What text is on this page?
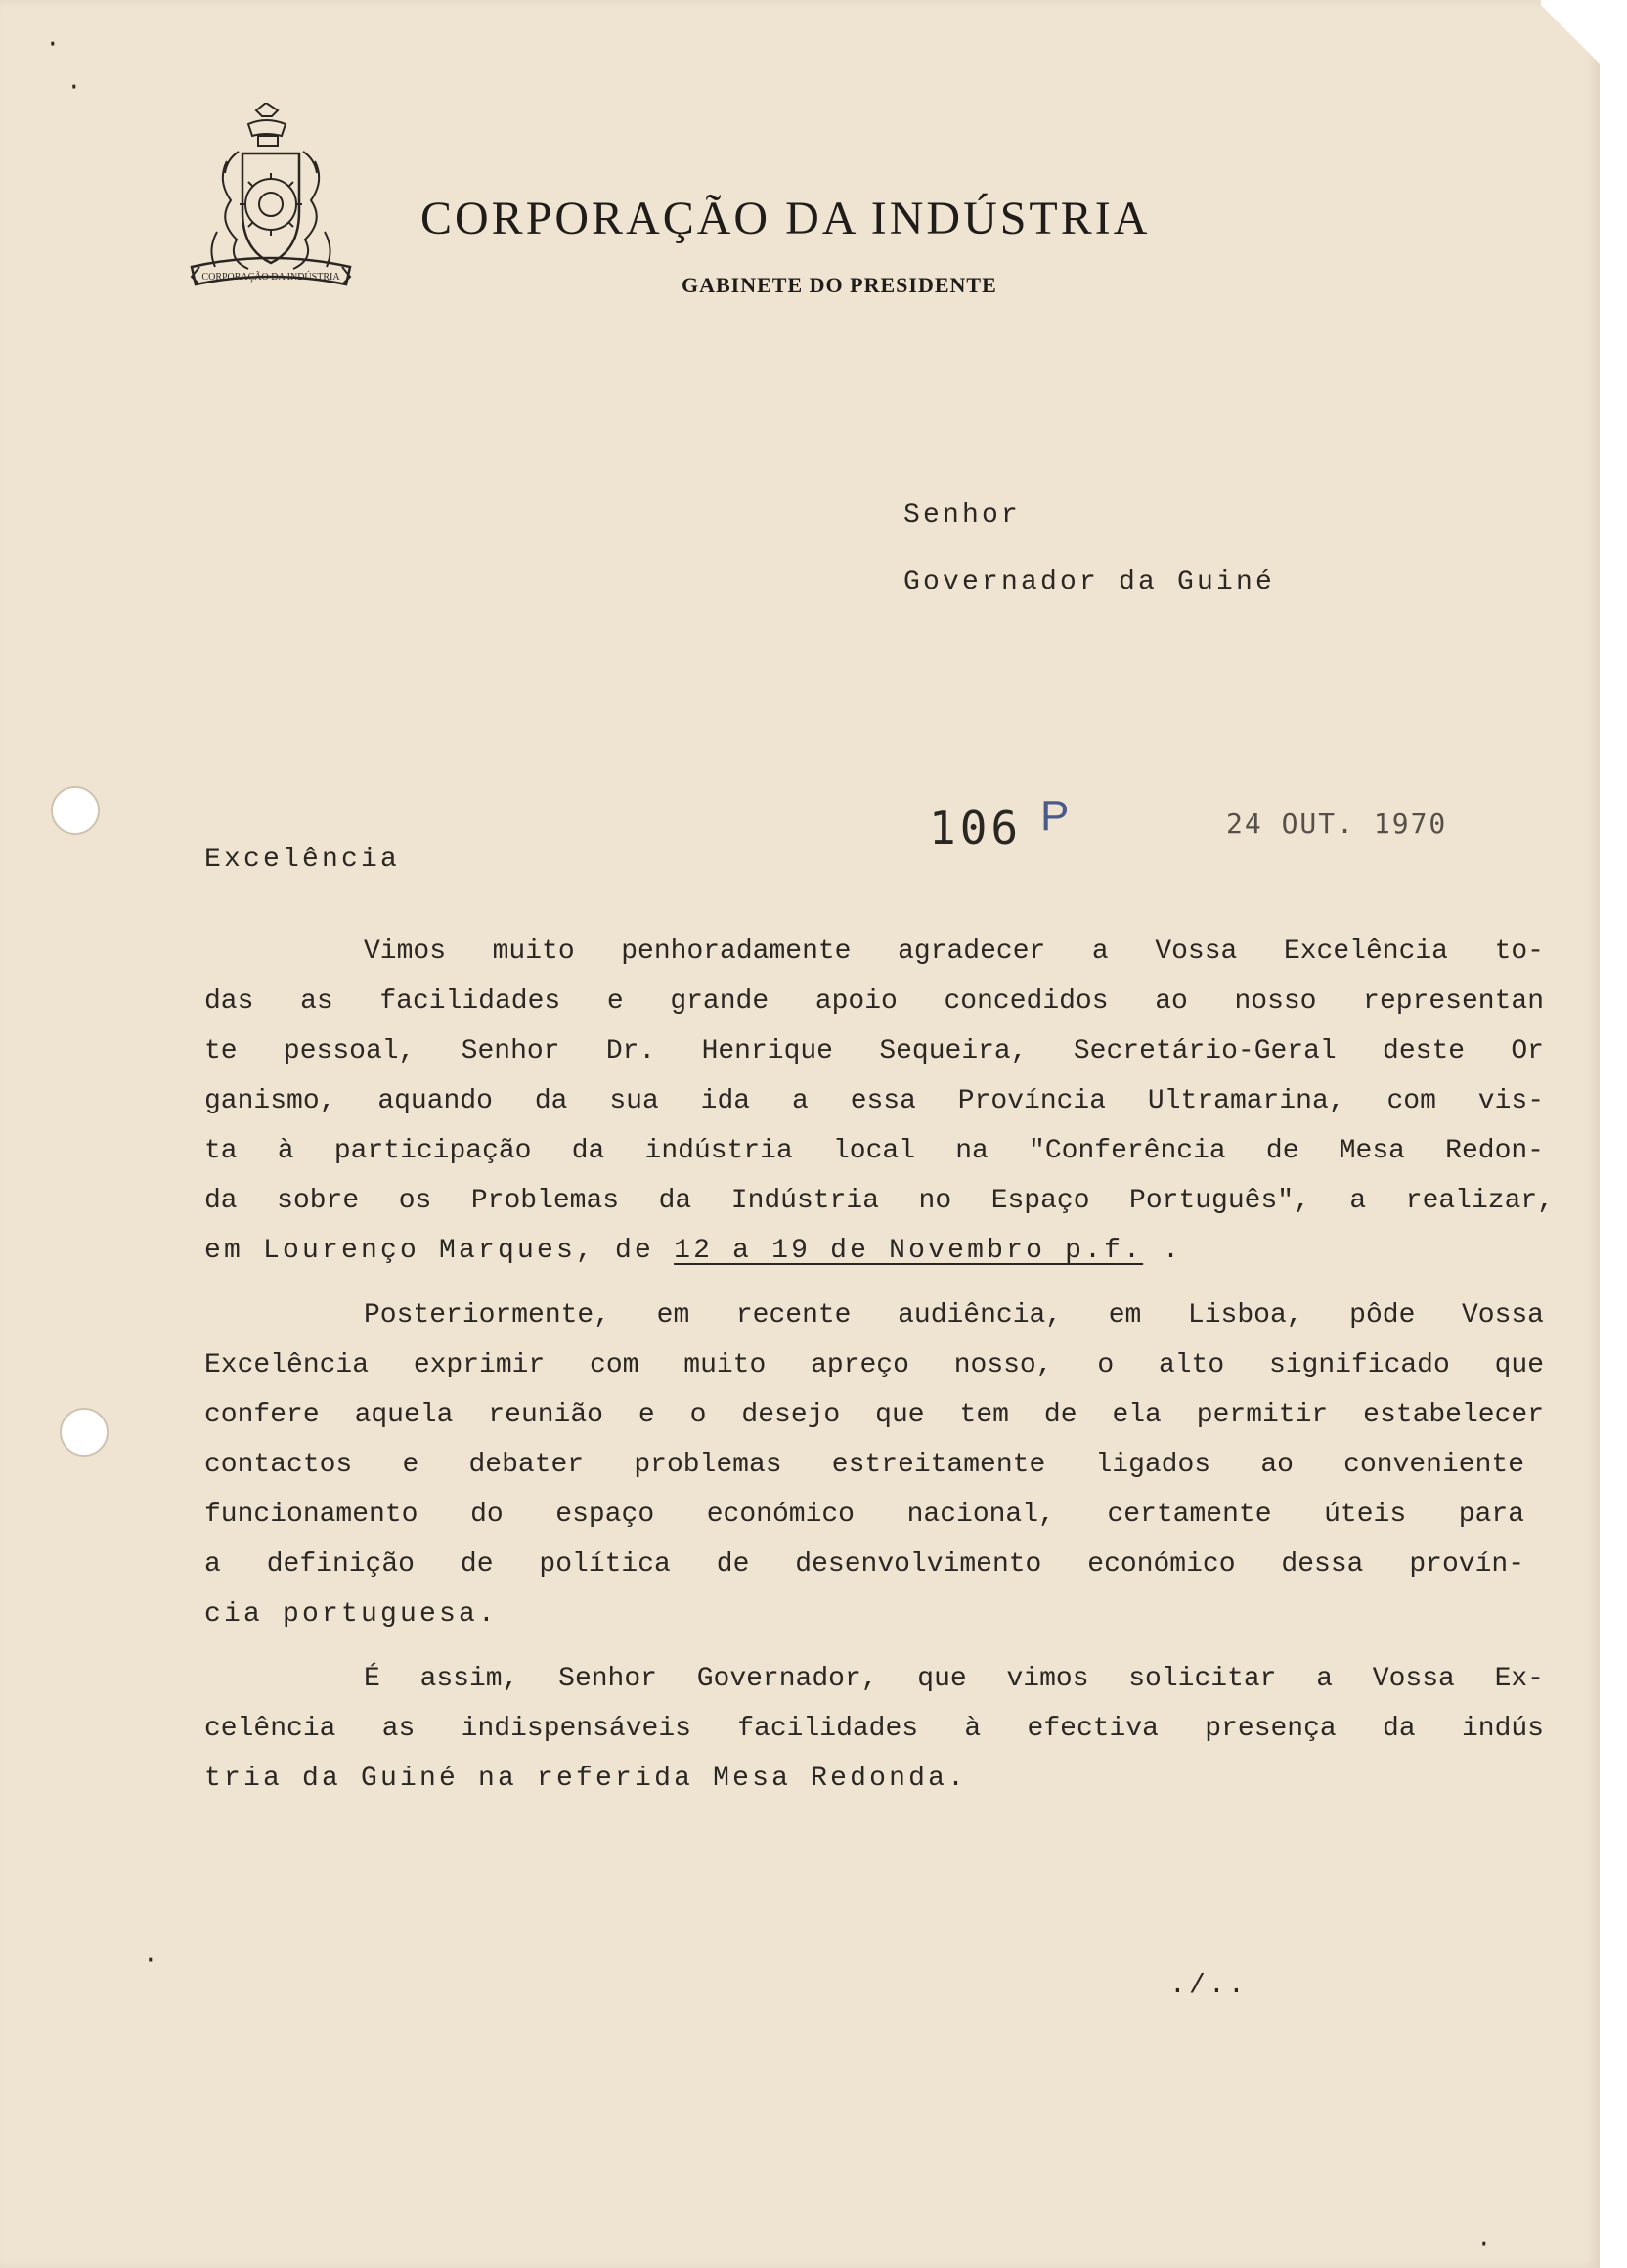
CORPORAÇÃO DA INDÚSTRIA
CORPORAÇÃO DA INDÚSTRIA
GABINETE DO PRESIDENTE
Senhor
Governador da Guiné
106 P	24 OUT. 1970
Excelência
Vimos muito penhoradamente agradecer a Vossa Excelência to-
das as facilidades e grande apoio concedidos ao nosso representan
te pessoal, Senhor Dr. Henrique Sequeira, Secretário-Geral deste Or
ganismo, aquando da sua ida a essa Província Ultramarina, com vis-
ta à participação da indústria local na "Conferência de Mesa Redon-
da sobre os Problemas da Indústria no Espaço Português", a realizar,
em Lourenço Marques, de 12 a 19 de Novembro p.f. .
Posteriormente, em recente audiência, em Lisboa, pôde Vossa
Excelência exprimir com muito apreço nosso, o alto significado que
confere aquela reunião e o desejo que tem de ela permitir estabelecer
contactos e debater problemas estreitamente ligados ao conveniente
funcionamento do espaço económico nacional, certamente úteis para
a definição de política de desenvolvimento económico dessa provín-
cia portuguesa.
É assim, Senhor Governador, que vimos solicitar a Vossa Ex-
celência as indispensáveis facilidades à efectiva presença da indús
tria da Guiné na referida Mesa Redonda.
./..
·
·
·
·
